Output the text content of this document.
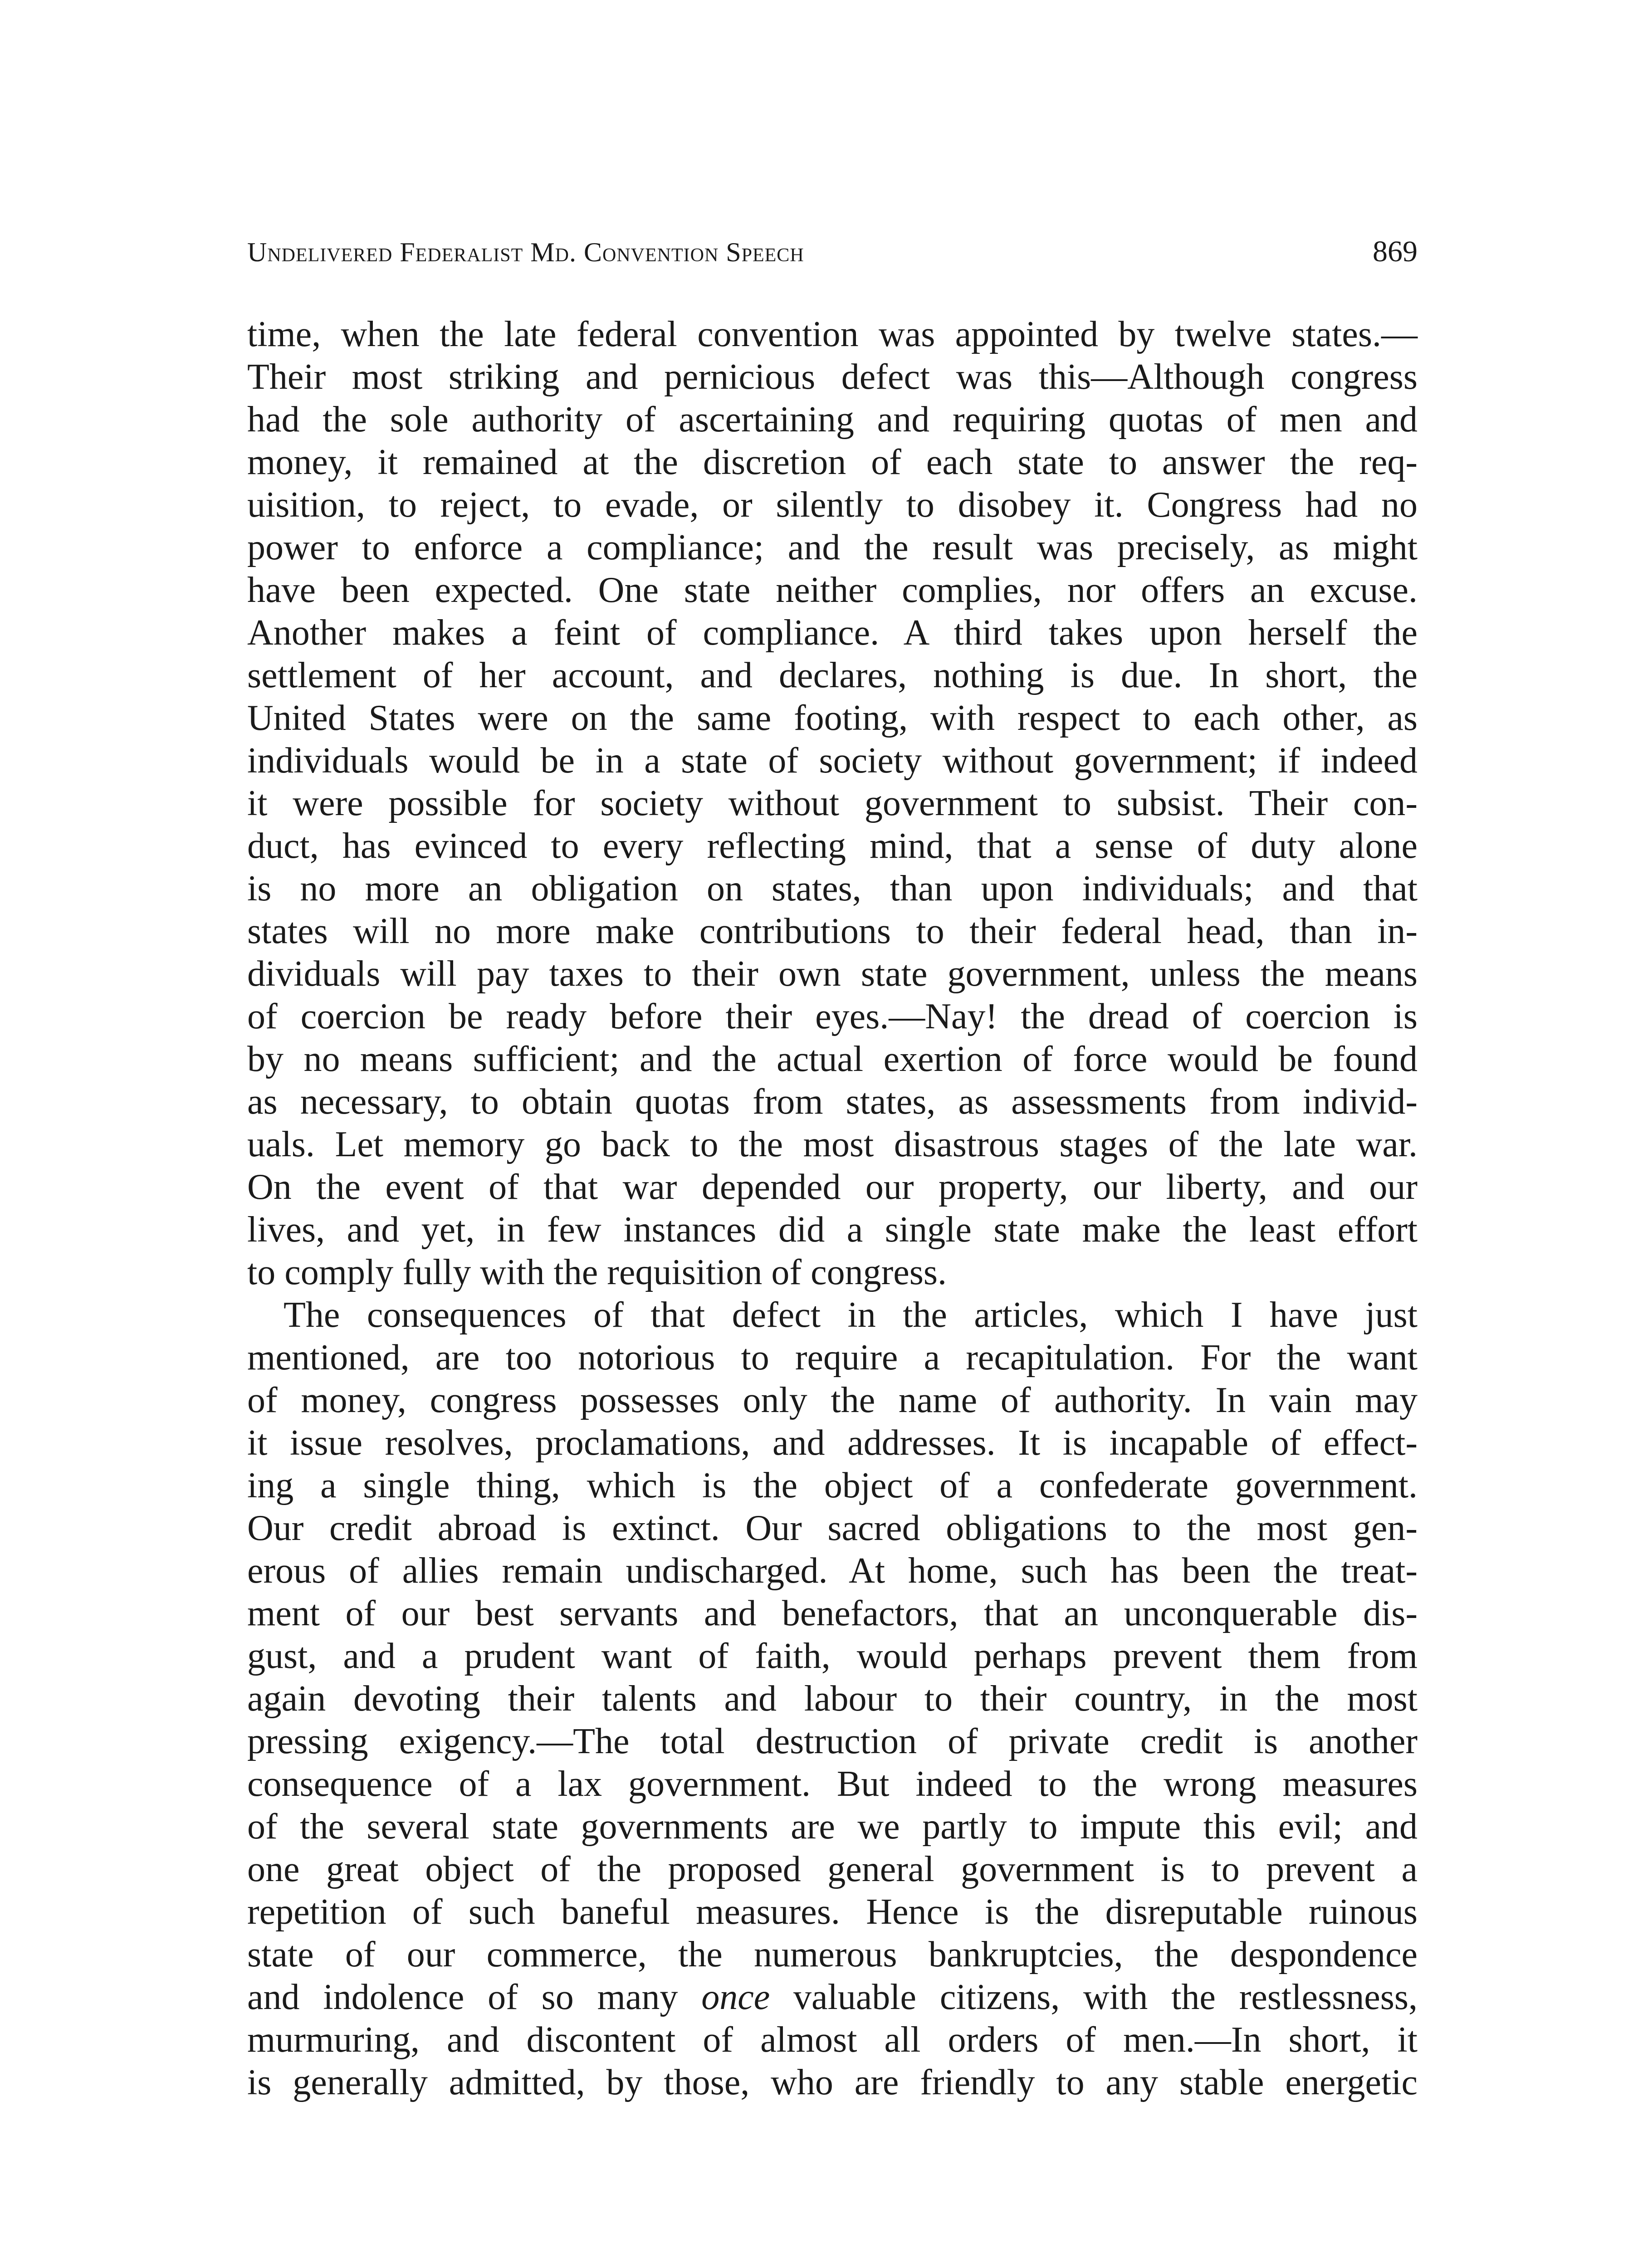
Undelivered Federalist Md. Convention Speech	869
time, when the late federal convention was appointed by twelve states.—
Their most striking and pernicious defect was this—Although congress
had the sole authority of ascertaining and requiring quotas of men and
money, it remained at the discretion of each state to answer the req-
uisition, to reject, to evade, or silently to disobey it. Congress had no
power to enforce a compliance; and the result was precisely, as might
have been expected. One state neither complies, nor offers an excuse.
Another makes a feint of compliance. A third takes upon herself the
settlement of her account, and declares, nothing is due. In short, the
United States were on the same footing, with respect to each other, as
individuals would be in a state of society without government; if indeed
it were possible for society without government to subsist. Their con-
duct, has evinced to every reflecting mind, that a sense of duty alone
is no more an obligation on states, than upon individuals; and that
states will no more make contributions to their federal head, than in-
dividuals will pay taxes to their own state government, unless the means
of coercion be ready before their eyes.—Nay! the dread of coercion is
by no means sufficient; and the actual exertion of force would be found
as necessary, to obtain quotas from states, as assessments from individ-
uals. Let memory go back to the most disastrous stages of the late war.
On the event of that war depended our property, our liberty, and our
lives, and yet, in few instances did a single state make the least effort
to comply fully with the requisition of congress.
The consequences of that defect in the articles, which I have just
mentioned, are too notorious to require a recapitulation. For the want
of money, congress possesses only the name of authority. In vain may
it issue resolves, proclamations, and addresses. It is incapable of effect-
ing a single thing, which is the object of a confederate government.
Our credit abroad is extinct. Our sacred obligations to the most gen-
erous of allies remain undischarged. At home, such has been the treat-
ment of our best servants and benefactors, that an unconquerable dis-
gust, and a prudent want of faith, would perhaps prevent them from
again devoting their talents and labour to their country, in the most
pressing exigency.—The total destruction of private credit is another
consequence of a lax government. But indeed to the wrong measures
of the several state governments are we partly to impute this evil; and
one great object of the proposed general government is to prevent a
repetition of such baneful measures. Hence is the disreputable ruinous
state of our commerce, the numerous bankruptcies, the despondence
and indolence of so many once valuable citizens, with the restlessness,
murmuring, and discontent of almost all orders of men.—In short, it
is generally admitted, by those, who are friendly to any stable energetic
